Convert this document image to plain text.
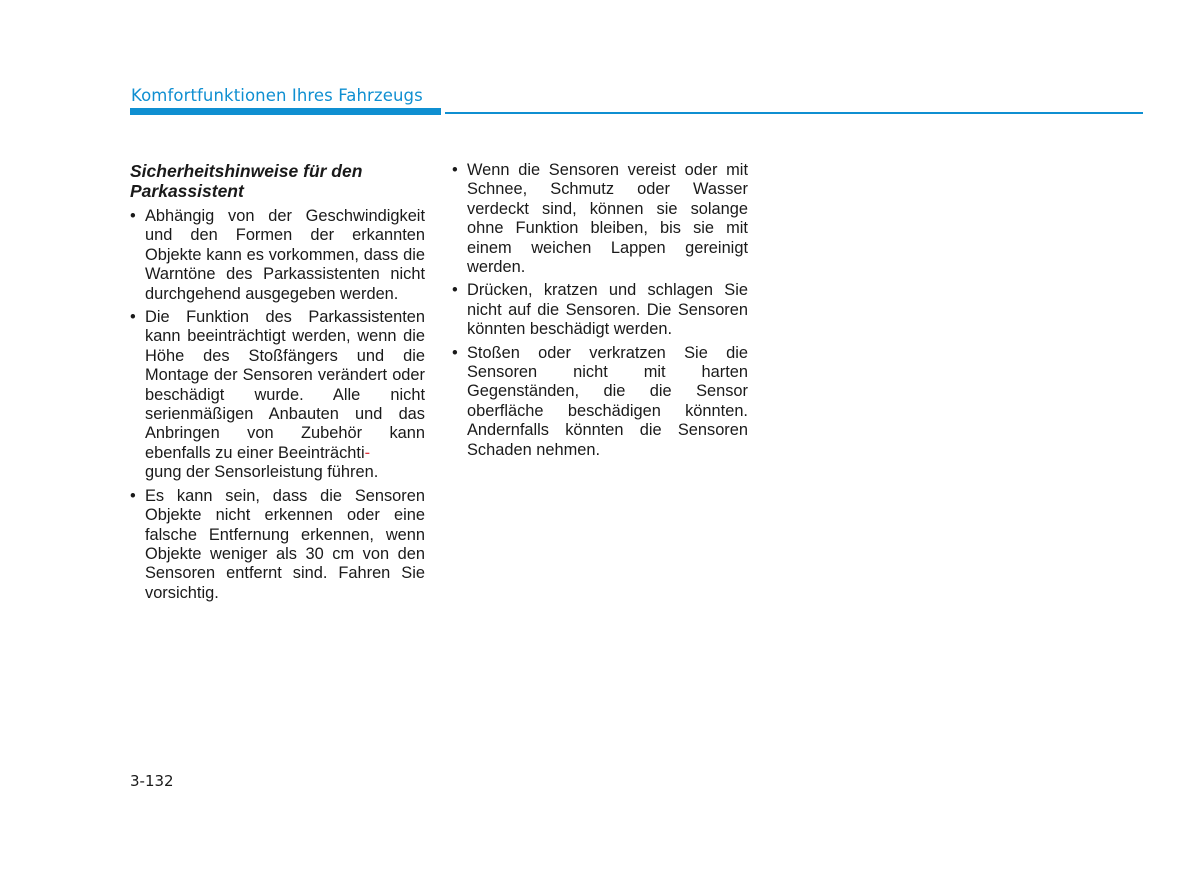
Komfortfunktionen Ihres Fahrzeugs
Sicherheitshinweise für den Parkassistent
• Abhängig von der Geschwindigkeit und den Formen der erkannten Objekte kann es vorkommen, dass die Warntöne des Parkassistenten nicht durchgehend ausgegeben werden.
• Die Funktion des Parkassistenten kann beeinträchtigt werden, wenn die Höhe des Stoßfängers und die Montage der Sensoren verändert oder beschädigt wurde. Alle nicht serienmäßigen Anbauten und das Anbringen von Zubehör kann ebenfalls zu einer Beeinträchti-
gung der Sensorleistung führen.
• Es kann sein, dass die Sensoren Objekte nicht erkennen oder eine falsche Entfernung erkennen, wenn Objekte weniger als 30 cm von den Sensoren entfernt sind. Fahren Sie vorsichtig.
• Wenn die Sensoren vereist oder mit Schnee, Schmutz oder Wasser verdeckt sind, können sie solange ohne Funktion bleiben, bis sie mit einem weichen Lappen gereinigt werden.
• Drücken, kratzen und schlagen Sie nicht auf die Sensoren. Die Sensoren könnten beschädigt werden.
• Stoßen oder verkratzen Sie die Sensoren nicht mit harten Gegenständen, die die Sensor oberfläche beschädigen könnten. Andernfalls könnten die Sensoren Schaden nehmen.
3-132
